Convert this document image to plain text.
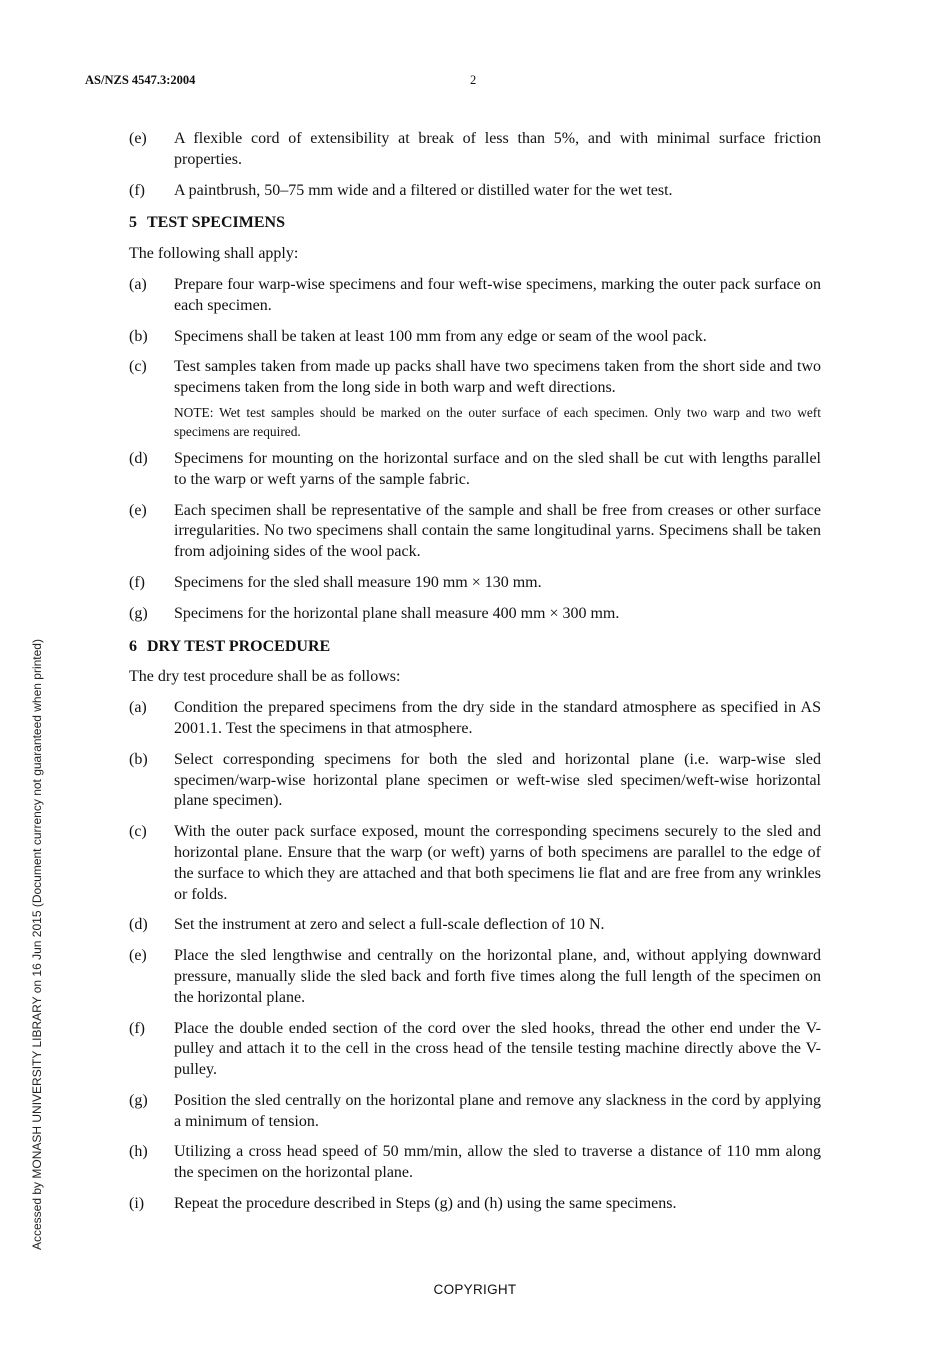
AS/NZS 4547.3:2004	2
Accessed by MONASH UNIVERSITY LIBRARY on 16 Jun 2015 (Document currency not guaranteed when printed)
(e)	A flexible cord of extensibility at break of less than 5%, and with minimal surface friction properties.
(f)	A paintbrush, 50–75 mm wide and a filtered or distilled water for the wet test.
5 TEST SPECIMENS
The following shall apply:
(a)	Prepare four warp-wise specimens and four weft-wise specimens, marking the outer pack surface on each specimen.
(b)	Specimens shall be taken at least 100 mm from any edge or seam of the wool pack.
(c)	Test samples taken from made up packs shall have two specimens taken from the short side and two specimens taken from the long side in both warp and weft directions.
NOTE: Wet test samples should be marked on the outer surface of each specimen. Only two warp and two weft specimens are required.
(d)	Specimens for mounting on the horizontal surface and on the sled shall be cut with lengths parallel to the warp or weft yarns of the sample fabric.
(e)	Each specimen shall be representative of the sample and shall be free from creases or other surface irregularities. No two specimens shall contain the same longitudinal yarns. Specimens shall be taken from adjoining sides of the wool pack.
(f)	Specimens for the sled shall measure 190 mm × 130 mm.
(g)	Specimens for the horizontal plane shall measure 400 mm × 300 mm.
6 DRY TEST PROCEDURE
The dry test procedure shall be as follows:
(a)	Condition the prepared specimens from the dry side in the standard atmosphere as specified in AS 2001.1. Test the specimens in that atmosphere.
(b)	Select corresponding specimens for both the sled and horizontal plane (i.e. warp-wise sled specimen/warp-wise horizontal plane specimen or weft-wise sled specimen/weft-wise horizontal plane specimen).
(c)	With the outer pack surface exposed, mount the corresponding specimens securely to the sled and horizontal plane. Ensure that the warp (or weft) yarns of both specimens are parallel to the edge of the surface to which they are attached and that both specimens lie flat and are free from any wrinkles or folds.
(d)	Set the instrument at zero and select a full-scale deflection of 10 N.
(e)	Place the sled lengthwise and centrally on the horizontal plane, and, without applying downward pressure, manually slide the sled back and forth five times along the full length of the specimen on the horizontal plane.
(f)	Place the double ended section of the cord over the sled hooks, thread the other end under the V-pulley and attach it to the cell in the cross head of the tensile testing machine directly above the V-pulley.
(g)	Position the sled centrally on the horizontal plane and remove any slackness in the cord by applying a minimum of tension.
(h)	Utilizing a cross head speed of 50 mm/min, allow the sled to traverse a distance of 110 mm along the specimen on the horizontal plane.
(i)	Repeat the procedure described in Steps (g) and (h) using the same specimens.
COPYRIGHT
